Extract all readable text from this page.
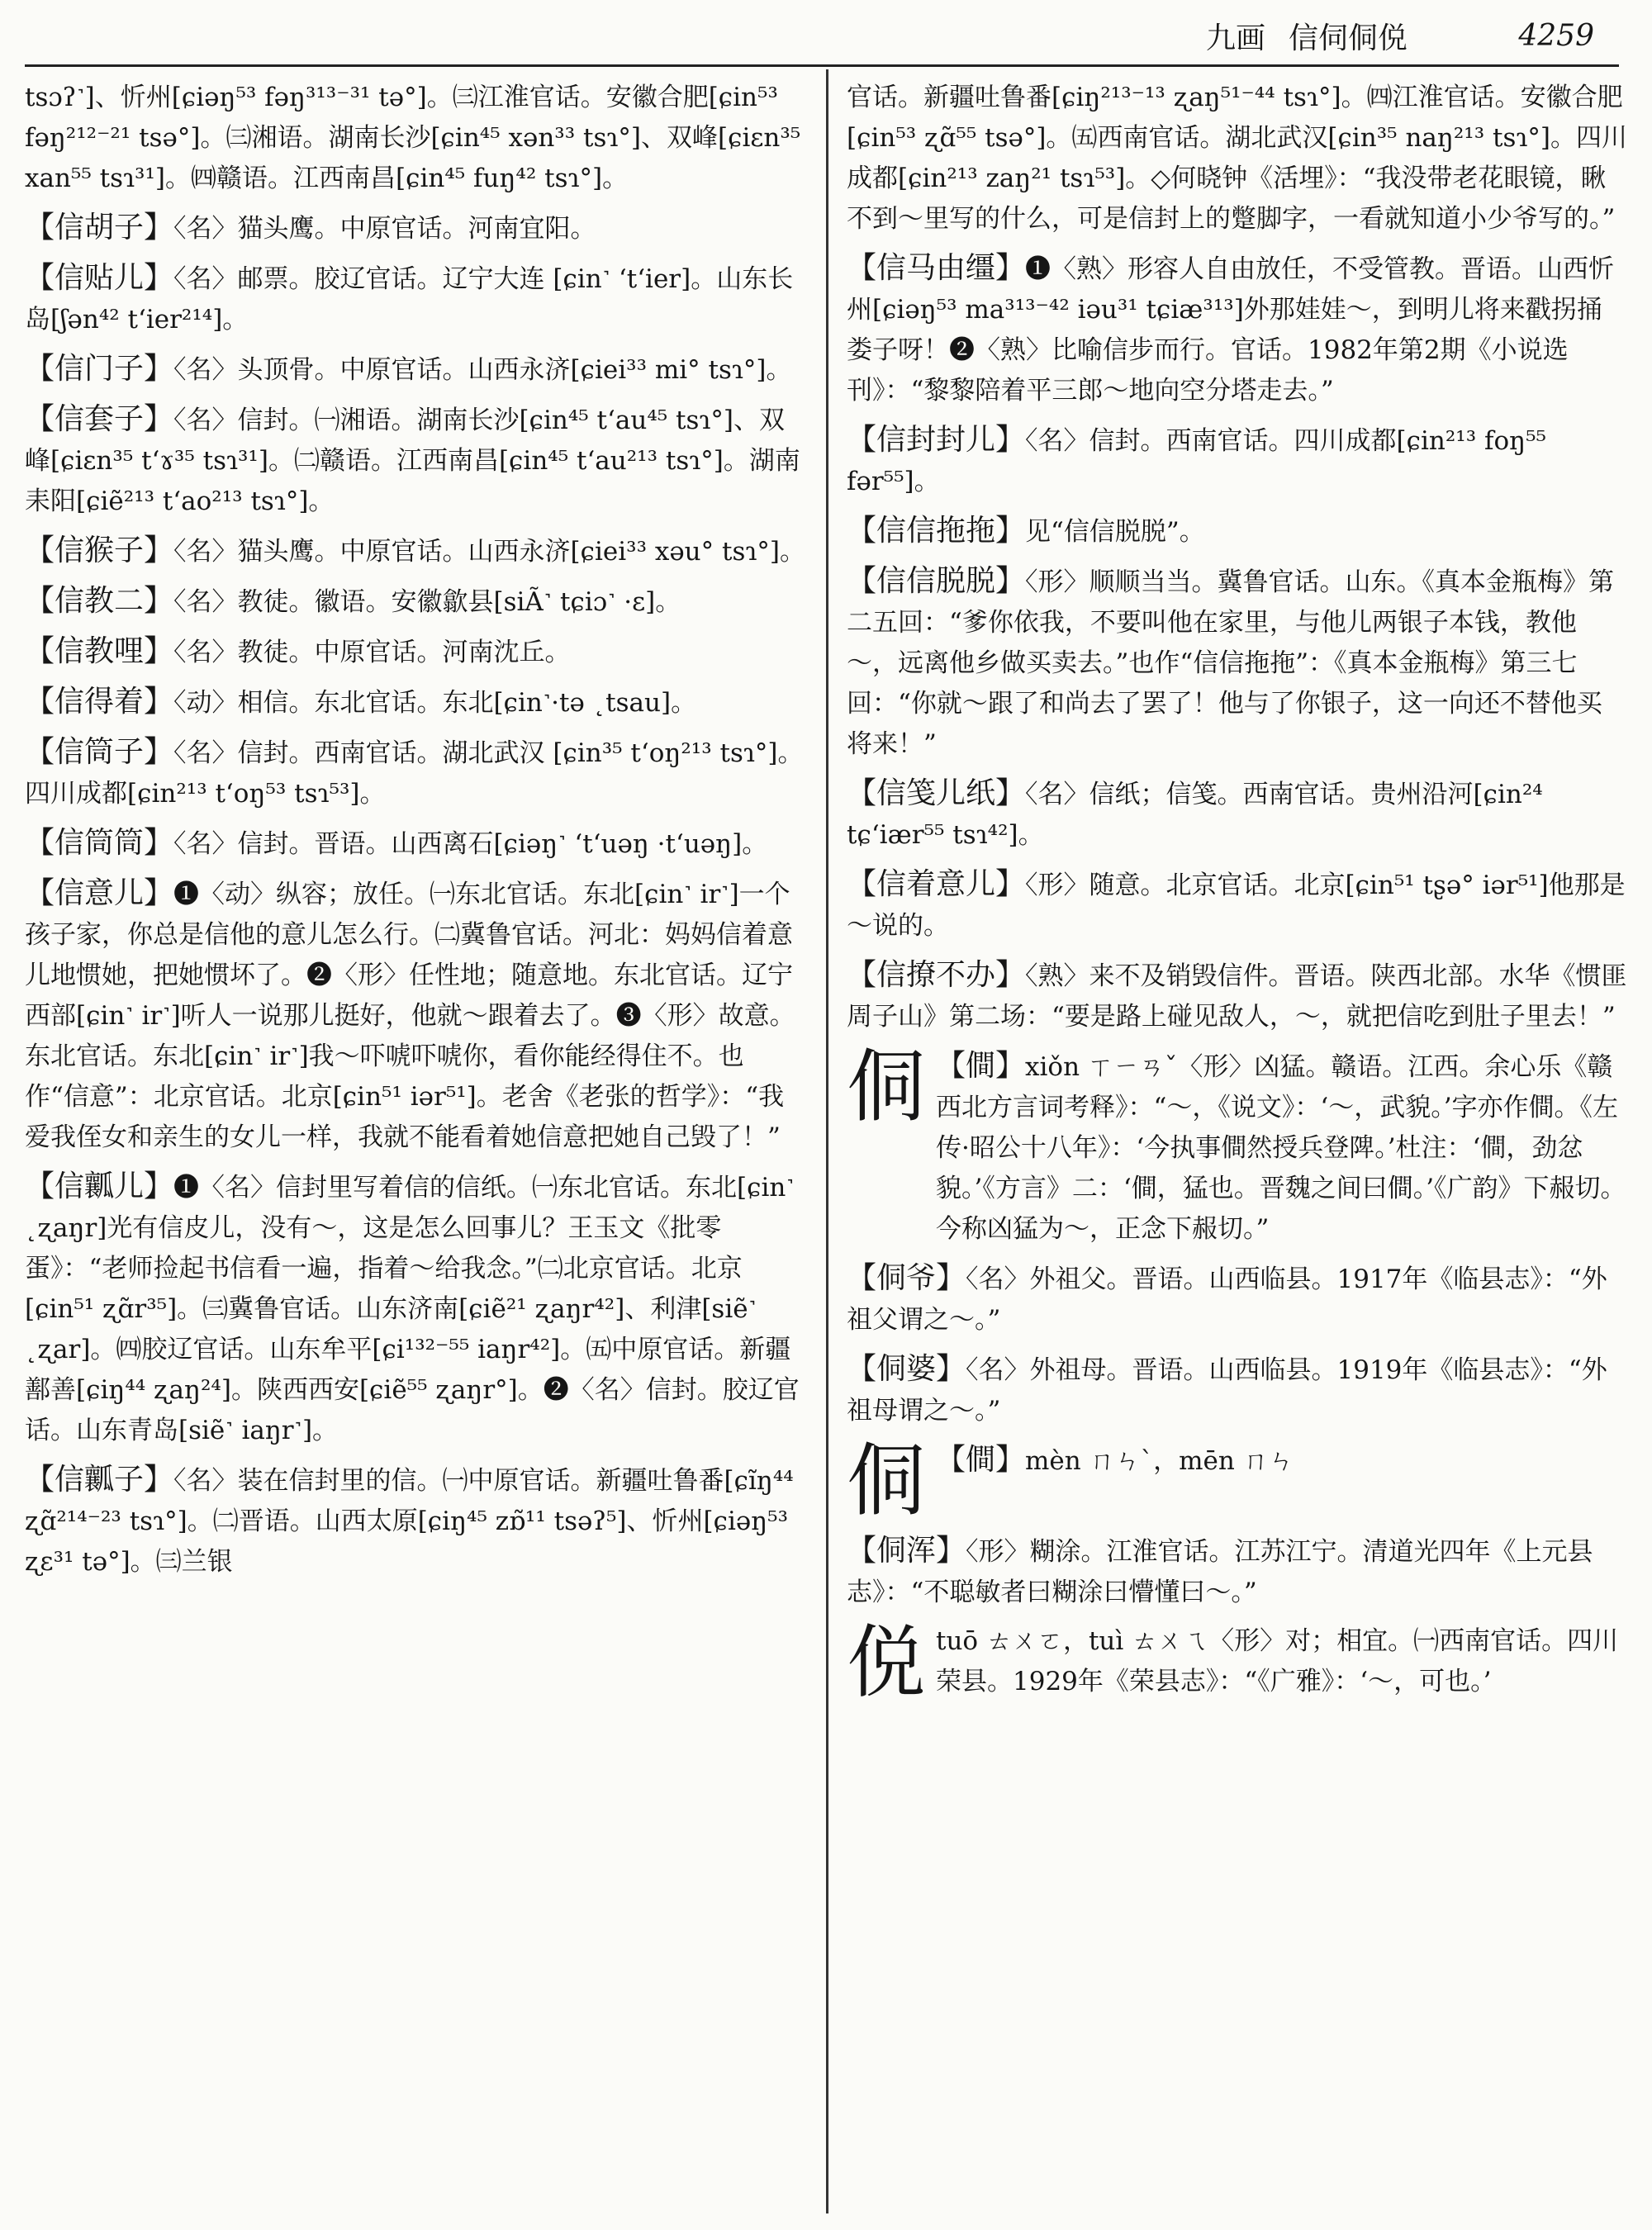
九画 信伺侗侻	4259
tsɔʔ˺]、忻州[ɕiəŋ⁵³ fəŋ³¹³⁻³¹ tə°]。㈢江淮官话。安徽合肥[ɕin⁵³ fəŋ²¹²⁻²¹ tsə°]。㈢湘语。湖南长沙[ɕin⁴⁵ xən³³ tsɿ°]、双峰[ɕiɛn³⁵ xan⁵⁵ tsɿ³¹]。㈣赣语。江西南昌[ɕin⁴⁵ fuŋ⁴² tsɿ°]。
【信胡子】〈名〉猫头鹰。中原官话。河南宜阳。
【信贴儿】〈名〉邮票。胶辽官话。辽宁大连 [ɕin˺ ‘t‘ier]。山东长岛[ʃən⁴² t‘ier²¹⁴]。
【信门子】〈名〉头顶骨。中原官话。山西永济[ɕiei³³ mi° tsɿ°]。
【信套子】〈名〉信封。㈠湘语。湖南长沙[ɕin⁴⁵ t‘au⁴⁵ tsɿ°]、双峰[ɕiɛn³⁵ t‘ɤ³⁵ tsɿ³¹]。㈡赣语。江西南昌[ɕin⁴⁵ t‘au²¹³ tsɿ°]。湖南耒阳[ɕiẽ²¹³ t‘ao²¹³ tsɿ°]。
【信猴子】〈名〉猫头鹰。中原官话。山西永济[ɕiei³³ xəu° tsɿ°]。
【信教二】〈名〉教徒。徽语。安徽歙县[siÃ˺ tɕiɔ˺ ·ɛ]。
【信教哩】〈名〉教徒。中原官话。河南沈丘。
【信得着】〈动〉相信。东北官话。东北[ɕin˺·tə ˛tsau]。
【信筒子】〈名〉信封。西南官话。湖北武汉 [ɕin³⁵ t‘oŋ²¹³ tsɿ°]。四川成都[ɕin²¹³ t‘oŋ⁵³ tsɿ⁵³]。
【信筒筒】〈名〉信封。晋语。山西离石[ɕiəŋ˺ ‘t‘uəŋ ·t‘uəŋ]。
【信意儿】❶〈动〉纵容；放任。㈠东北官话。东北[ɕin˺ ir˺]一个孩子家，你总是信他的意儿怎么行。㈡冀鲁官话。河北：妈妈信着意儿地惯她，把她惯坏了。❷〈形〉任性地；随意地。东北官话。辽宁西部[ɕin˺ ir˺]听人一说那儿挺好，他就～跟着去了。❸〈形〉故意。东北官话。东北[ɕin˺ ir˺]我～吓唬吓唬你，看你能经得住不。也作“信意”：北京官话。北京[ɕin⁵¹ iər⁵¹]。老舍《老张的哲学》：“我爱我侄女和亲生的女儿一样，我就不能看着她信意把她自己毁了！”
【信瓤儿】❶〈名〉信封里写着信的信纸。㈠东北官话。东北[ɕin˺ ˛ʐaŋr]光有信皮儿，没有～，这是怎么回事儿？王玉文《批零蛋》：“老师捡起书信看一遍，指着～给我念。”㈡北京官话。北京[ɕin⁵¹ ʐɑ̃r³⁵]。㈢冀鲁官话。山东济南[ɕiẽ²¹ ʐaŋr⁴²]、利津[siẽ˺ ˛ʐar]。㈣胶辽官话。山东牟平[ɕi¹³²⁻⁵⁵ iaŋr⁴²]。㈤中原官话。新疆鄯善[ɕiŋ⁴⁴ ʐaŋ²⁴]。陕西西安[ɕiẽ⁵⁵ ʐaŋr°]。❷〈名〉信封。胶辽官话。山东青岛[siẽ˺ iaŋr˺]。
【信瓤子】〈名〉装在信封里的信。㈠中原官话。新疆吐鲁番[ɕĩŋ⁴⁴ ʐɑ̃²¹⁴⁻²³ tsɿ°]。㈡晋语。山西太原[ɕiŋ⁴⁵ zɒ̃¹¹ tsəʔ⁵]、忻州[ɕiəŋ⁵³ ʐɛ³¹ tə°]。㈢兰银
官话。新疆吐鲁番[ɕiŋ²¹³⁻¹³ ʐaŋ⁵¹⁻⁴⁴ tsɿ°]。㈣江淮官话。安徽合肥[ɕin⁵³ ʐɑ̃⁵⁵ tsə°]。㈤西南官话。湖北武汉[ɕin³⁵ naŋ²¹³ tsɿ°]。四川成都[ɕin²¹³ zaŋ²¹ tsɿ⁵³]。◇何晓钟《活埋》：“我没带老花眼镜，瞅不到～里写的什么，可是信封上的蹩脚字，一看就知道小少爷写的。”
【信马由缰】❶〈熟〉形容人自由放任，不受管教。晋语。山西忻州[ɕiəŋ⁵³ ma³¹³⁻⁴² iəu³¹ tɕiæ³¹³]外那娃娃～，到明儿将来戳拐捅娄子呀！❷〈熟〉比喻信步而行。官话。1982年第2期《小说选刊》：“黎黎陪着平三郎～地向空分塔走去。”
【信封封儿】〈名〉信封。西南官话。四川成都[ɕin²¹³ foŋ⁵⁵ fər⁵⁵]。
【信信拖拖】见“信信脱脱”。
【信信脱脱】〈形〉顺顺当当。冀鲁官话。山东。《真本金瓶梅》第二五回：“爹你依我，不要叫他在家里，与他儿两银子本钱，教他～，远离他乡做买卖去。”也作“信信拖拖”：《真本金瓶梅》第三七回：“你就～跟了和尚去了罢了！他与了你银子，这一向还不替他买将来！”
【信笺儿纸】〈名〉信纸；信笺。西南官话。贵州沿河[ɕin²⁴ tɕ‘iær⁵⁵ tsɿ⁴²]。
【信着意儿】〈形〉随意。北京官话。北京[ɕin⁵¹ tʂə° iər⁵¹]他那是～说的。
【信撩不办】〈熟〉来不及销毁信件。晋语。陕西北部。水华《惯匪周子山》第二场：“要是路上碰见敌人，～，就把信吃到肚子里去！”
侗 【僴】xiǒn ㄒㄧㄢˇ〈形〉凶猛。赣语。江西。余心乐《赣西北方言词考释》：“～，《说文》：‘～，武貌。’字亦作僴。《左传·昭公十八年》：‘今执事僴然授兵登陴。’杜注：‘僴，劲忿貌。’《方言》二：‘僴，猛也。晋魏之间曰僴。’《广韵》下赧切。今称凶猛为～，正念下赧切。”
【侗爷】〈名〉外祖父。晋语。山西临县。1917年《临县志》：“外祖父谓之～。”
【侗婆】〈名〉外祖母。晋语。山西临县。1919年《临县志》：“外祖母谓之～。”
侗 【僴】mèn ㄇㄣˋ，mēn ㄇㄣ
【侗浑】〈形〉糊涂。江淮官话。江苏江宁。清道光四年《上元县志》：“不聪敏者曰糊涂曰懵懂曰～。”
侻 tuō ㄊㄨㄛ，tuì ㄊㄨㄟ〈形〉对；相宜。㈠西南官话。四川荣县。1929年《荣县志》：“《广雅》：‘～，可也。’
